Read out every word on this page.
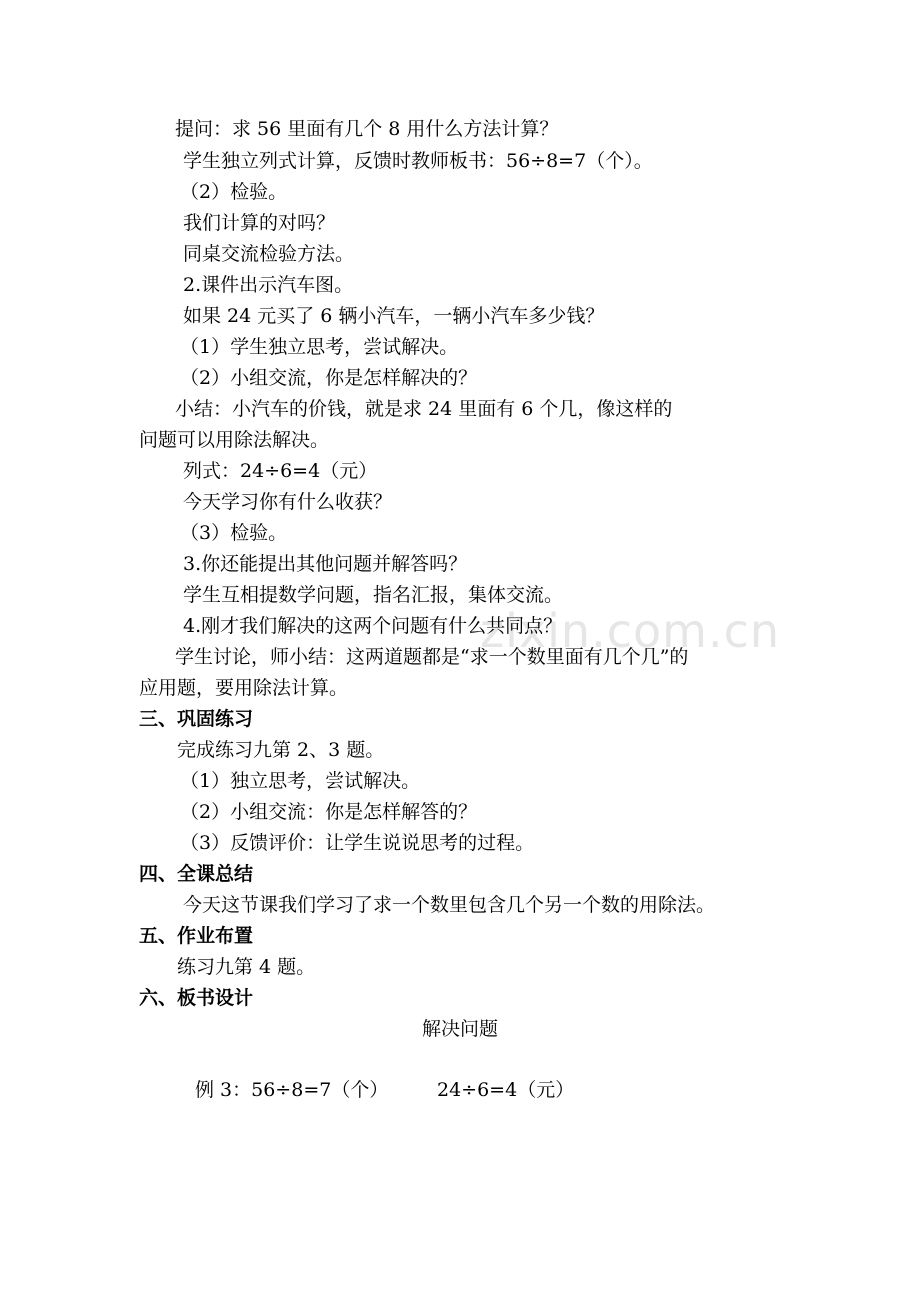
zixin.com.cn
提问：求 56 里面有几个 8 用什么方法计算？
学生独立列式计算，反馈时教师板书：56÷8=7（个）。
（2）检验。
我们计算的对吗？
同桌交流检验方法。
2.课件出示汽车图。
如果 24 元买了 6 辆小汽车，一辆小汽车多少钱？
（1）学生独立思考，尝试解决。
（2）小组交流，你是怎样解决的？
小结：小汽车的价钱，就是求 24 里面有 6 个几，像这样的
问题可以用除法解决。
列式：24÷6=4（元）
今天学习你有什么收获？
（3）检验。
3.你还能提出其他问题并解答吗？
学生互相提数学问题，指名汇报，集体交流。
4.刚才我们解决的这两个问题有什么共同点？
学生讨论，师小结：这两道题都是“求一个数里面有几个几”的
应用题，要用除法计算。
三、巩固练习
完成练习九第 2、3 题。
（1）独立思考，尝试解决。
（2）小组交流：你是怎样解答的？
（3）反馈评价：让学生说说思考的过程。
四、全课总结
今天这节课我们学习了求一个数里包含几个另一个数的用除法。
五、作业布置
练习九第 4 题。
六、板书设计
解决问题
例 3：56÷8=7（个）	24÷6=4（元）
